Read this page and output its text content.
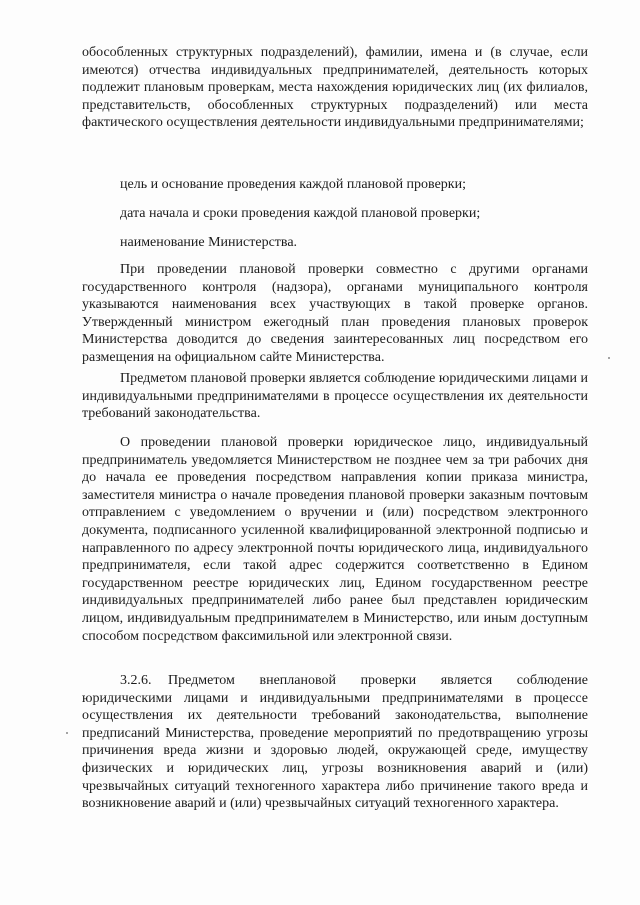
обособленных структурных подразделений), фамилии, имена и (в случае, если имеются) отчества индивидуальных предпринимателей, деятельность которых подлежит плановым проверкам, места нахождения юридических лиц (их филиалов, представительств, обособленных структурных подразделений) или места фактического осуществления деятельности индивидуальными предпринимателями;

цель и основание проведения каждой плановой проверки;

дата начала и сроки проведения каждой плановой проверки;

наименование Министерства.

При проведении плановой проверки совместно с другими органами государственного контроля (надзора), органами муниципального контроля указываются наименования всех участвующих в такой проверке органов. Утвержденный министром ежегодный план проведения плановых проверок Министерства доводится до сведения заинтересованных лиц посредством его размещения на официальном сайте Министерства.

Предметом плановой проверки является соблюдение юридическими лицами и индивидуальными предпринимателями в процессе осуществления их деятельности требований законодательства.

О проведении плановой проверки юридическое лицо, индивидуальный предприниматель уведомляется Министерством не позднее чем за три рабочих дня до начала ее проведения посредством направления копии приказа министра, заместителя министра о начале проведения плановой проверки заказным почтовым отправлением с уведомлением о вручении и (или) посредством электронного документа, подписанного усиленной квалифицированной электронной подписью и направленного по адресу электронной почты юридического лица, индивидуального предпринимателя, если такой адрес содержится соответственно в Едином государственном реестре юридических лиц, Едином государственном реестре индивидуальных предпринимателей либо ранее был представлен юридическим лицом, индивидуальным предпринимателем в Министерство, или иным доступным способом посредством факсимильной или электронной связи.

3.2.6. Предметом внеплановой проверки является соблюдение юридическими лицами и индивидуальными предпринимателями в процессе осуществления их деятельности требований законодательства, выполнение предписаний Министерства, проведение мероприятий по предотвращению угрозы причинения вреда жизни и здоровью людей, окружающей среде, имуществу физических и юридических лиц, угрозы возникновения аварий и (или) чрезвычайных ситуаций техногенного характера либо причинение такого вреда и возникновение аварий и (или) чрезвычайных ситуаций техногенного характера.
